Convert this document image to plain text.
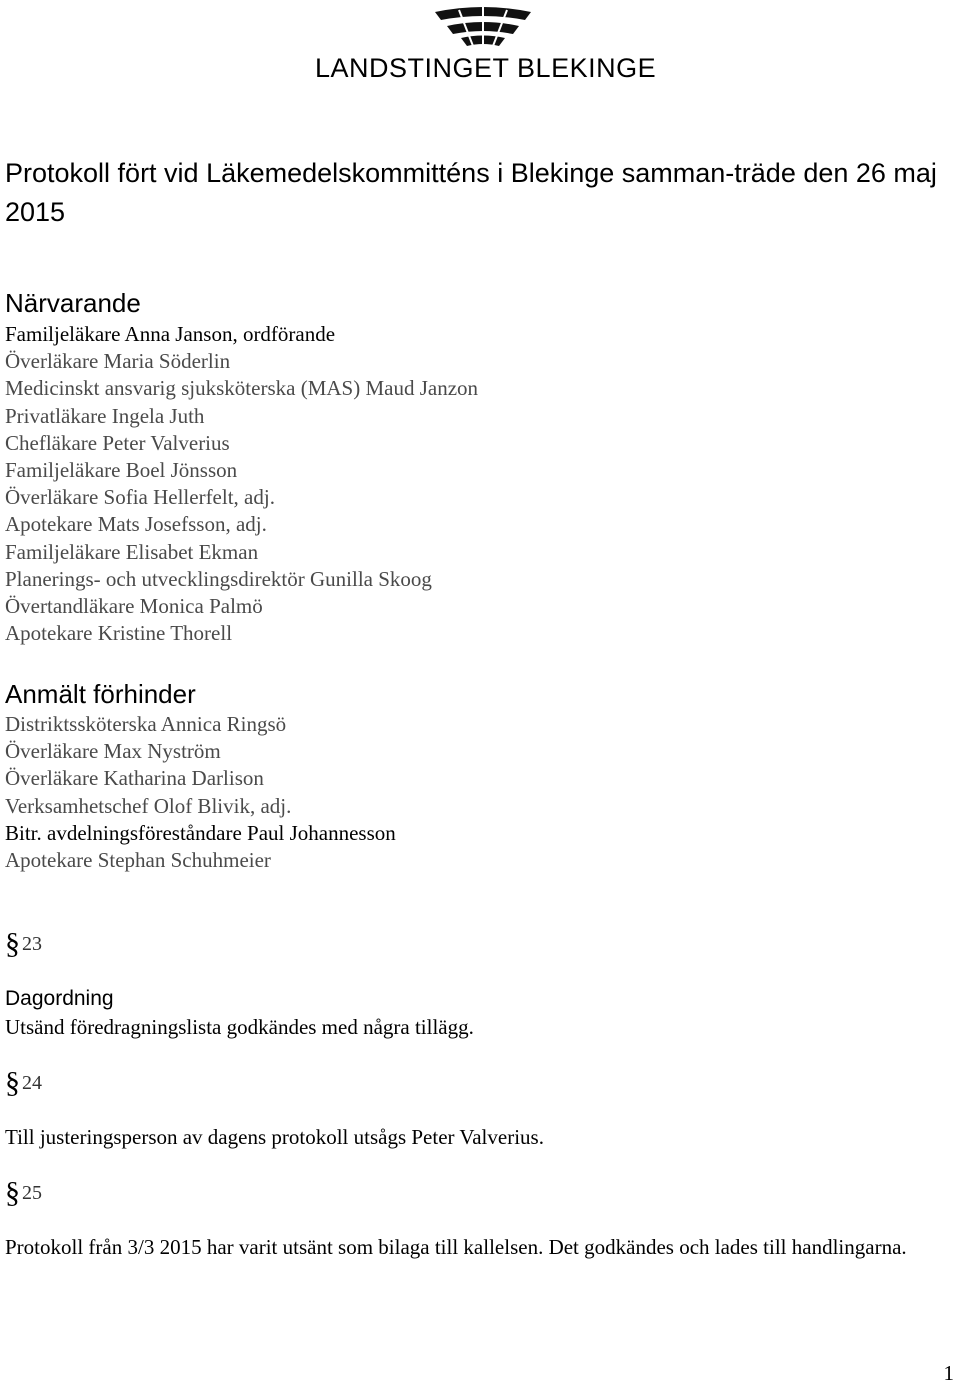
LANDSTINGET BLEKINGE
Protokoll fört vid Läkemedelskommitténs i Blekinge samman-träde den 26 maj 2015
Närvarande
Familjeläkare Anna Janson, ordförande
Överläkare Maria Söderlin
Medicinskt ansvarig sjuksköterska (MAS) Maud Janzon
Privatläkare Ingela Juth
Chefläkare Peter Valverius
Familjeläkare Boel Jönsson
Överläkare Sofia Hellerfelt, adj.
Apotekare Mats Josefsson, adj.
Familjeläkare Elisabet Ekman
Planerings- och utvecklingsdirektör Gunilla Skoog
Övertandläkare Monica Palmö
Apotekare Kristine Thorell
Anmält förhinder
Distriktssköterska Annica Ringsö
Överläkare Max Nyström
Överläkare Katharina Darlison
Verksamhetschef Olof Blivik, adj.
Bitr. avdelningsföreståndare Paul Johannesson
Apotekare Stephan Schuhmeier
§ 23
Dagordning

Utsänd föredragningslista godkändes med några tillägg.

§ 24

Till justeringsperson av dagens protokoll utsågs Peter Valverius.

§ 25

Protokoll från 3/3 2015 har varit utsänt som bilaga till kallelsen. Det godkändes och lades till handlingarna.

1
